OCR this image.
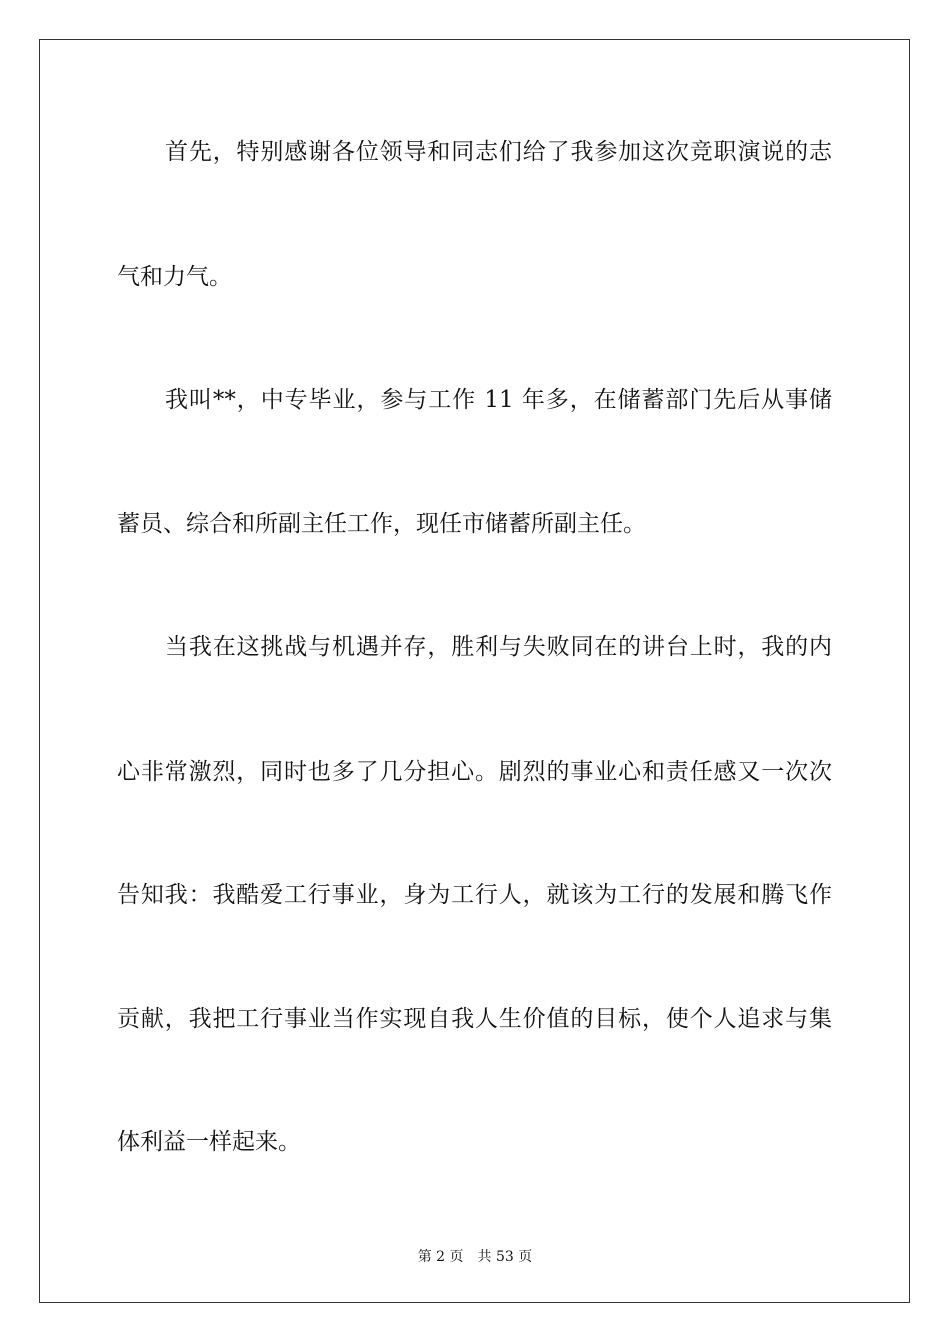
首先，特别感谢各位领导和同志们给了我参加这次竞职演说的志
气和力气。
我叫**，中专毕业，参与工作 11 年多，在储蓄部门先后从事储
蓄员、综合和所副主任工作，现任市储蓄所副主任。
当我在这挑战与机遇并存，胜利与失败同在的讲台上时，我的内
心非常激烈，同时也多了几分担心。剧烈的事业心和责任感又一次次
告知我：我酷爱工行事业，身为工行人，就该为工行的发展和腾飞作
贡献，我把工行事业当作实现自我人生价值的目标，使个人追求与集
体利益一样起来。
第 2 页 共 53 页
